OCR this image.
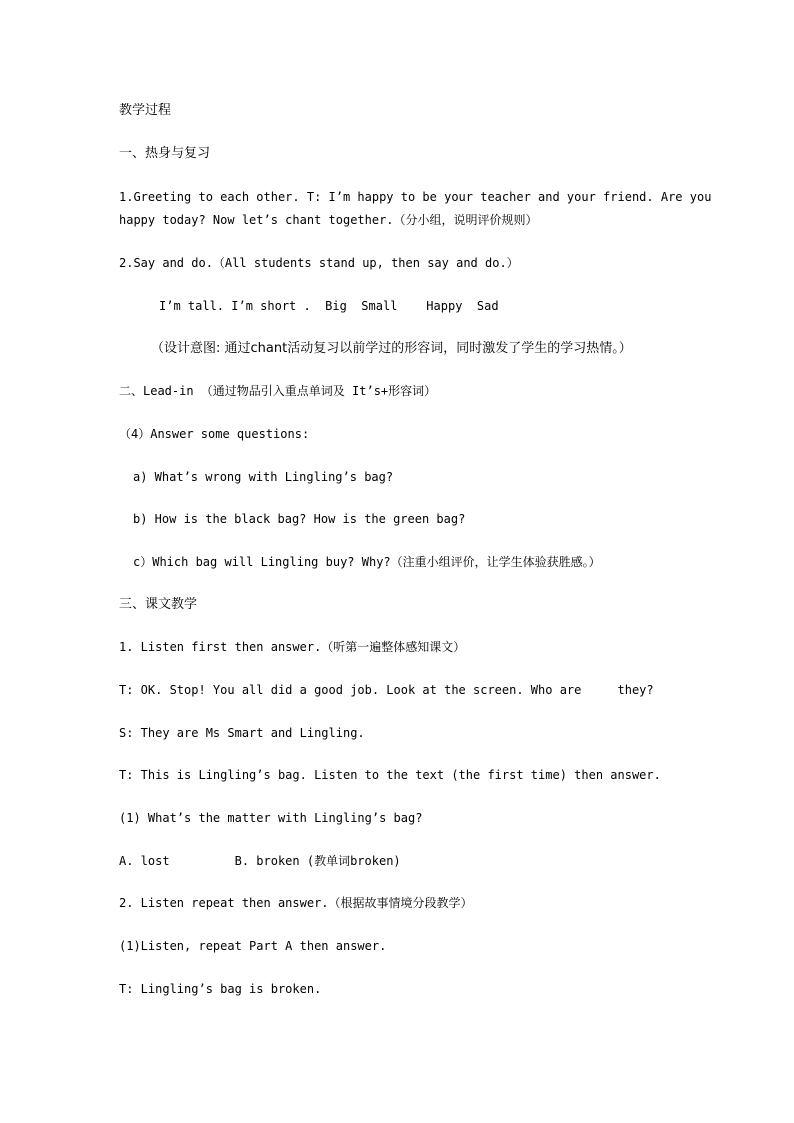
教学过程
一、热身与复习
1.Greeting to each other. T: I’m happy to be your teacher and your friend. Are you
happy today? Now let’s chant together.（分小组，说明评价规则）
2.Say and do.（All students stand up, then say and do.）
I’m tall. I’m short .  Big  Small    Happy  Sad
（设计意图: 通过chant活动复习以前学过的形容词，同时激发了学生的学习热情。）
二、Lead-in （通过物品引入重点单词及 It’s+形容词）
（4）Answer some questions:
a) What’s wrong with Lingling’s bag?
b) How is the black bag? How is the green bag?
c）Which bag will Lingling buy? Why?（注重小组评价，让学生体验获胜感。）
三、课文教学
1. Listen first then answer.（听第一遍整体感知课文）
T: OK. Stop! You all did a good job. Look at the screen. Who are     they?
S: They are Ms Smart and Lingling.
T: This is Lingling’s bag. Listen to the text (the first time) then answer.
(1) What’s the matter with Lingling’s bag?
A. lost         B. broken (教单词broken)
2. Listen repeat then answer.（根据故事情境分段教学）
(1)Listen, repeat Part A then answer.
T: Lingling’s bag is broken.
